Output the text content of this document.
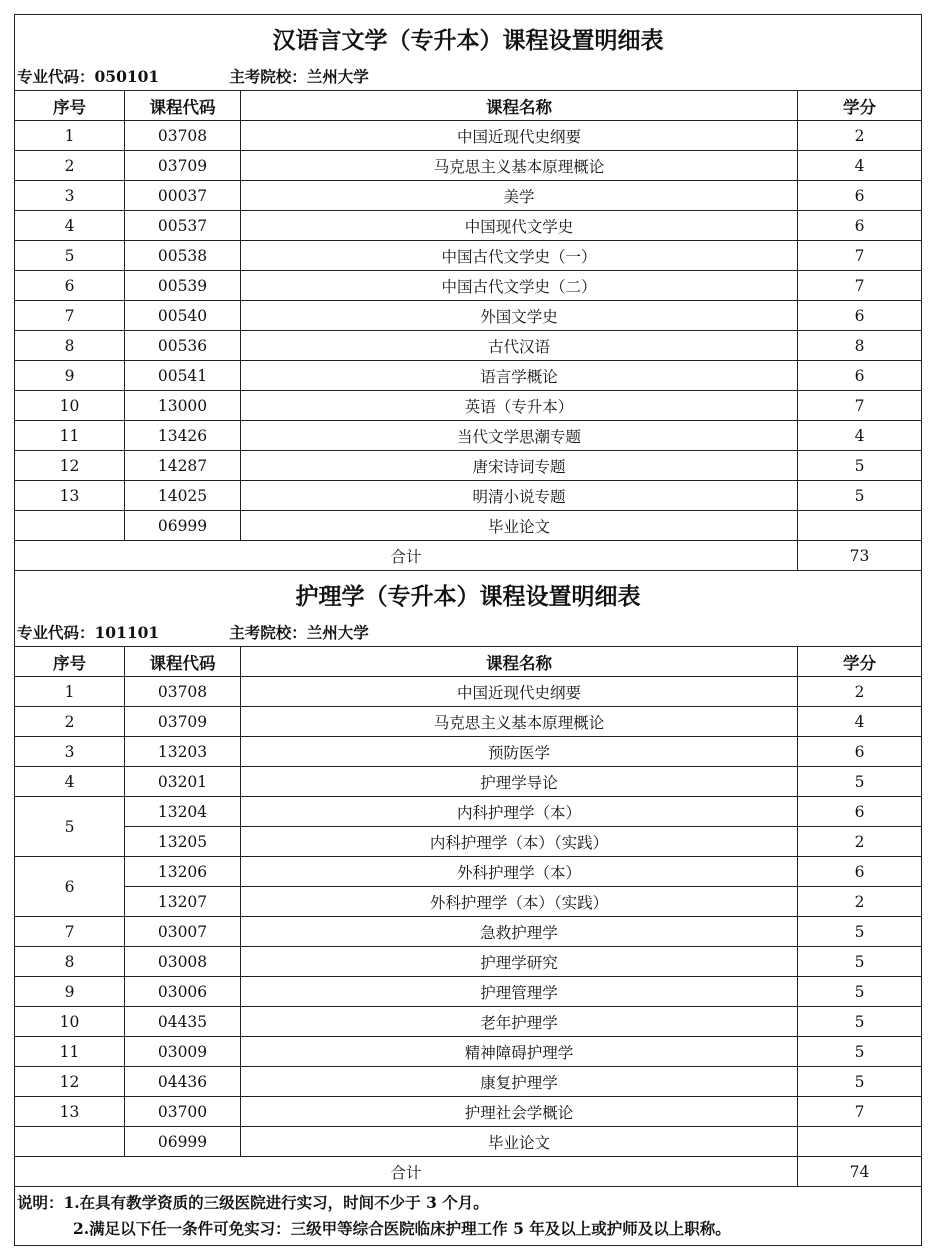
汉语言文学（专升本）课程设置明细表			
专业代码：050101 主考院校：兰州大学			
序号	课程代码	课程名称	学分
1	03708	中国近现代史纲要	2
2	03709	马克思主义基本原理概论	4
3	00037	美学	6
4	00537	中国现代文学史	6
5	00538	中国古代文学史（一）	7
6	00539	中国古代文学史（二）	7
7	00540	外国文学史	6
8	00536	古代汉语	8
9	00541	语言学概论	6
10	13000	英语（专升本）	7
11	13426	当代文学思潮专题	4
12	14287	唐宋诗词专题	5
13	14025	明清小说专题	5
	06999	毕业论文	
合计			73
护理学（专升本）课程设置明细表			
专业代码：101101 主考院校：兰州大学			
序号	课程代码	课程名称	学分
1	03708	中国近现代史纲要	2
2	03709	马克思主义基本原理概论	4
3	13203	预防医学	6
4	03201	护理学导论	5
5	13204	内科护理学（本）	6
	13205	内科护理学（本）（实践）	2
6	13206	外科护理学（本）	6
	13207	外科护理学（本）（实践）	2
7	03007	急救护理学	5
8	03008	护理学研究	5
9	03006	护理管理学	5
10	04435	老年护理学	5
11	03009	精神障碍护理学	5
12	04436	康复护理学	5
13	03700	护理社会学概论	7
	06999	毕业论文	
合计			74

说明：1.在具有教学资质的三级医院进行实习，时间不少于 3 个月。
2.满足以下任一条件可免实习：三级甲等综合医院临床护理工作 5 年及以上或护师及以上职称。			
